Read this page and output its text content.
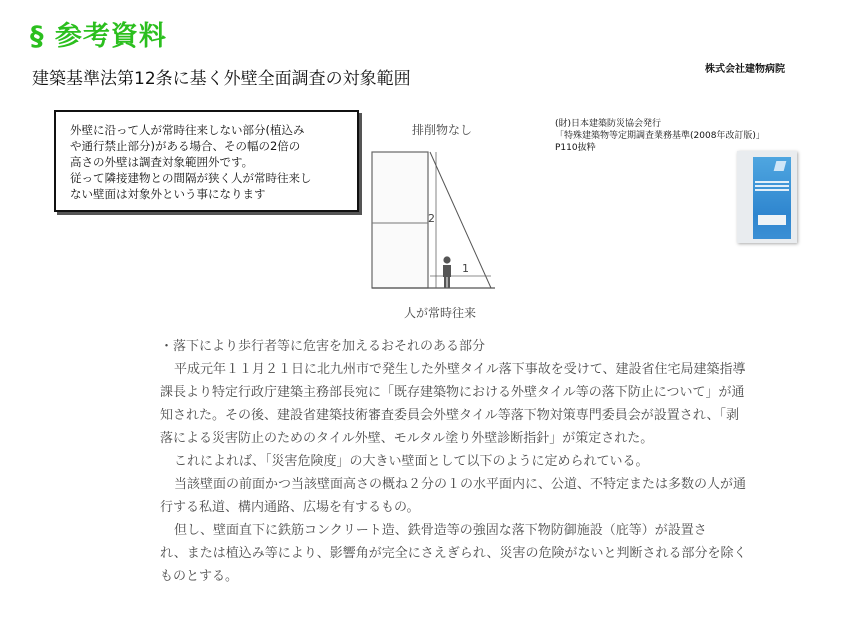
§ 参考資料
建築基準法第12条に基く外壁全面調査の対象範囲	株式会社建物病院
外壁に沿って人が常時往来しない部分(植込み
や通行禁止部分)がある場合、その幅の2倍の
高さの外壁は調査対象範囲外です。
従って隣接建物との間隔が狭く人が常時往来し
ない壁面は対象外という事になります
排削物なし
2
1
人が常時往来
(財)日本建築防災協会発行
「特殊建築物等定期調査業務基準(2008年改訂版)」
P110抜粋
・落下により歩行者等に危害を加えるおそれのある部分
平成元年１１月２１日に北九州市で発生した外壁タイル落下事故を受けて、建設省住宅局建築指導
課長より特定行政庁建築主務部長宛に「既存建築物における外壁タイル等の落下防止について」が通
知された。その後、建設省建築技術審査委員会外壁タイル等落下物対策専門委員会が設置され、「剥
落による災害防止のためのタイル外壁、モルタル塗り外壁診断指針」が策定された。
これによれば、「災害危険度」の大きい壁面として以下のように定められている。
当該壁面の前面かつ当該壁面高さの概ね２分の１の水平面内に、公道、不特定または多数の人が通
行する私道、構内通路、広場を有するもの。
但し、壁面直下に鉄筋コンクリート造、鉄骨造等の強固な落下物防御施設（庇等）が設置さ
れ、または植込み等により、影響角が完全にさえぎられ、災害の危険がないと判断される部分を除く
ものとする。
